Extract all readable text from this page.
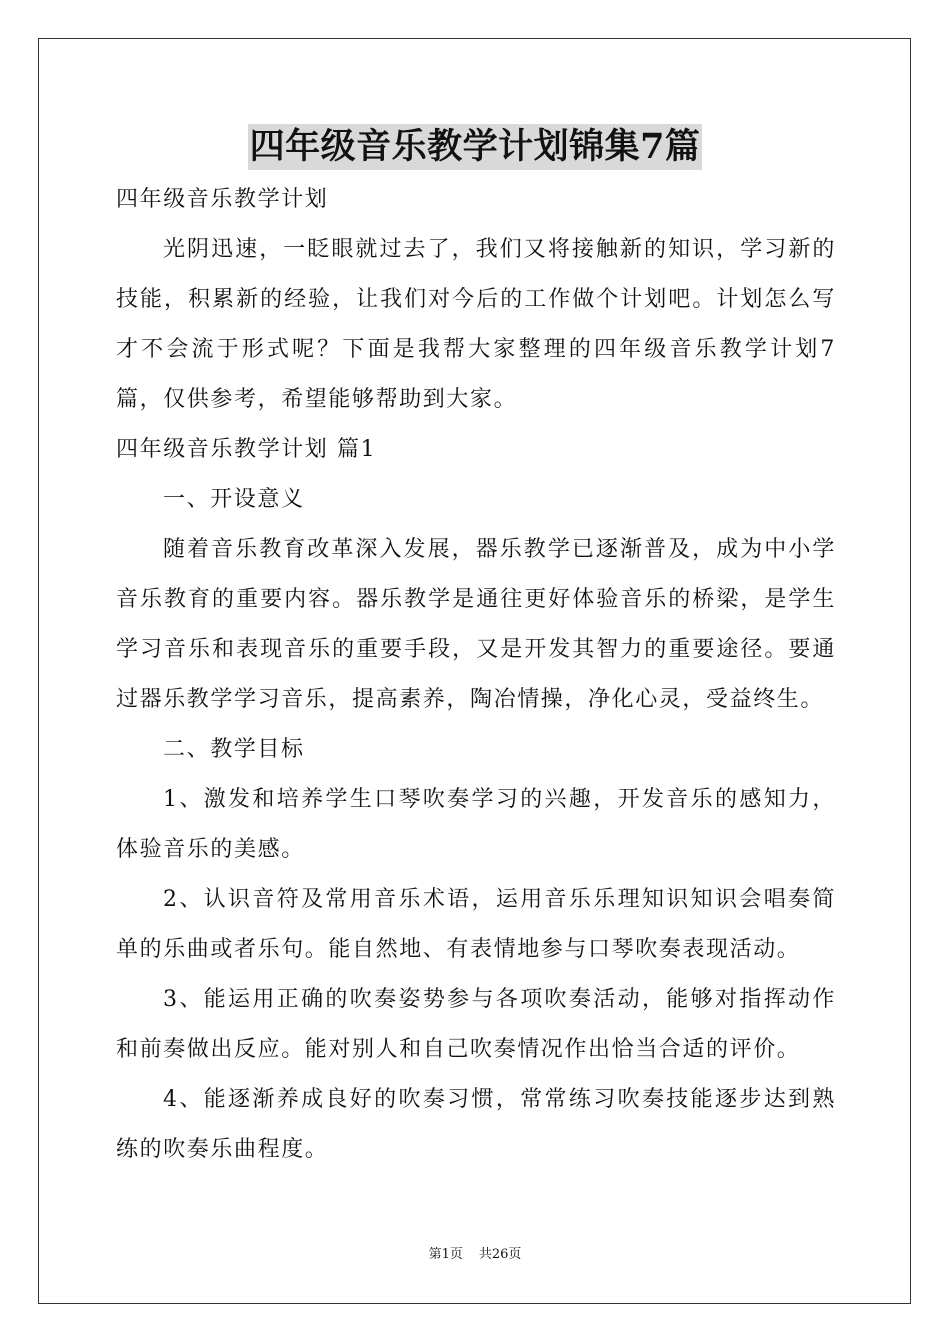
四年级音乐教学计划锦集7篇

四年级音乐教学计划

光阴迅速，一眨眼就过去了，我们又将接触新的知识，学习新的技能，积累新的经验，让我们对今后的工作做个计划吧。计划怎么写才不会流于形式呢？下面是我帮大家整理的四年级音乐教学计划7篇，仅供参考，希望能够帮助到大家。

四年级音乐教学计划 篇1

一、开设意义

随着音乐教育改革深入发展，器乐教学已逐渐普及，成为中小学音乐教育的重要内容。器乐教学是通往更好体验音乐的桥梁，是学生学习音乐和表现音乐的重要手段，又是开发其智力的重要途径。要通过器乐教学学习音乐，提高素养，陶冶情操，净化心灵，受益终生。

二、教学目标

1、激发和培养学生口琴吹奏学习的兴趣，开发音乐的感知力，体验音乐的美感。

2、认识音符及常用音乐术语，运用音乐乐理知识知识会唱奏简单的乐曲或者乐句。能自然地、有表情地参与口琴吹奏表现活动。

3、能运用正确的吹奏姿势参与各项吹奏活动，能够对指挥动作和前奏做出反应。能对别人和自己吹奏情况作出恰当合适的评价。

4、能逐渐养成良好的吹奏习惯，常常练习吹奏技能逐步达到熟练的吹奏乐曲程度。

第1页 共26页
